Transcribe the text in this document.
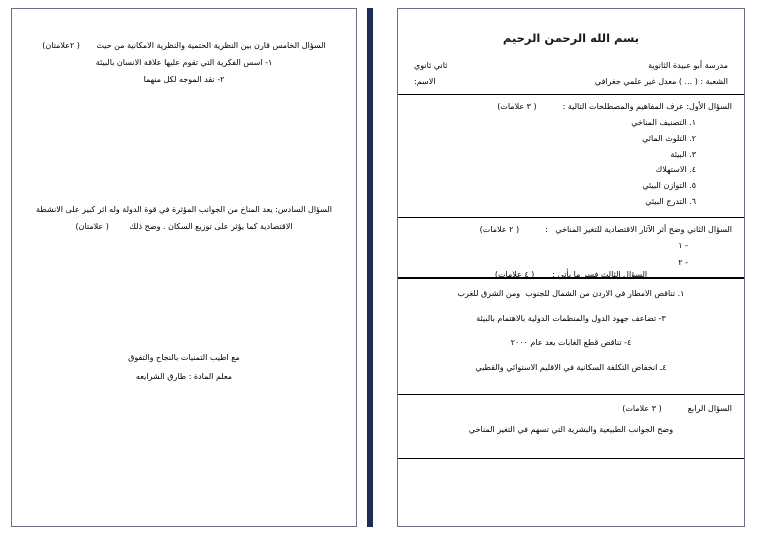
بسم الله الرحمن الرحيم
مدرسة أبو عبيدة الثانوية
ثاني ثانوي
الشعبة : ( ... ) معدل غير علمي جغرافي
الاسم:
السؤال الأول: عرف المفاهيم والمصطلحات التالية :
( ٣ علامات)
١. التصنيف المناخي
٢. التلوث المائي
٣. البيئة
٤. الاستهلاك
٥. التوازن البيئي
٦. التدرج البيئي
السؤال الثاني وضح أثر الآثار الاقتصادية للتغير المناخي   :
( ٢ علامات)
- ١
- ٢
السؤال الثالث فسر ما يأتي :
( ٤ علامات)
١. تناقص الامطار في الاردن من الشمال للجنوب  ومن الشرق للغرب
٣- تضاعف جهود الدول والمنظمات الدولية بالاهتمام بالبيئة
٤- تناقص قطع الغابات بعد عام ٢٠٠٠
٤ـ انخفاض التكلفة السكانية في الاقليم الاستوائي والقطبي
السؤال الرابع
( ٣ علامات)
وضح الجوانب الطبيعية والبشرية التي تسهم في التغير المناخي
السؤال الخامس قارن بين النظرية الحتمية والنظرية الامكانية من حيث ( ٢علامتان)
١- اسس الفكرية التي تقوم عليها علاقة الانسان بالبيئة
٢- نقد الموجه لكل منهما
السؤال السادس: يعد المناخ من الجوانب المؤثرة في قوة الدولة وله اثر كبير على الانشطة
الاقتصادية كما يؤثر على توزيع السكان . وضح ذلك ( علامتان)
مع اطيب التمنيات بالنجاح والتفوق
معلم المادة : طارق الشرايعه
